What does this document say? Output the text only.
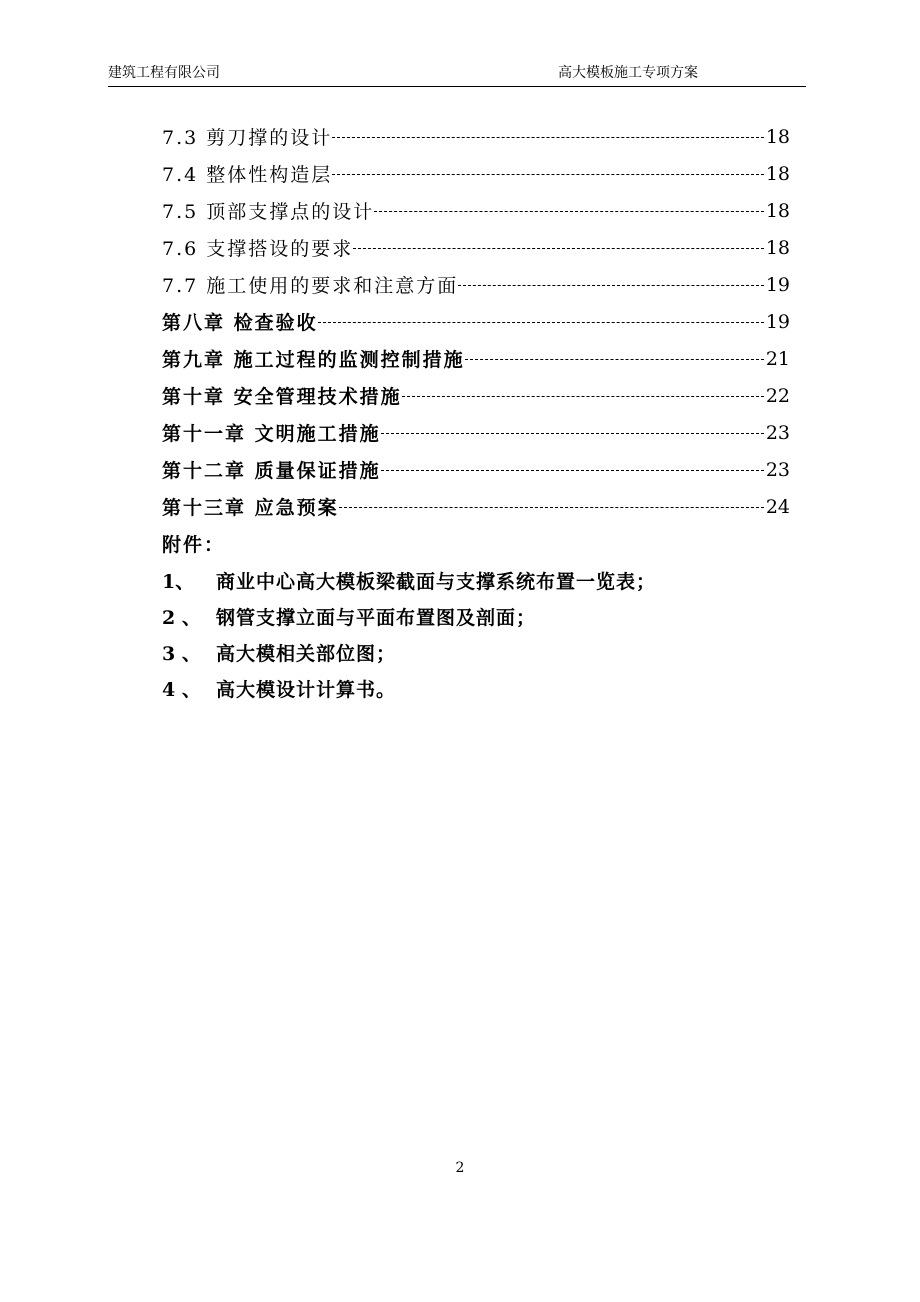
建筑工程有限公司	高大模板施工专项方案
7.3 剪刀撑的设计	18
7.4 整体性构造层	18
7.5 顶部支撑点的设计	18
7.6 支撑搭设的要求	18
7.7 施工使用的要求和注意方面	19
第八章 检查验收	19
第九章 施工过程的监测控制措施	21
第十章 安全管理技术措施	22
第十一章 文明施工措施	23
第十二章 质量保证措施	23
第十三章 应急预案	24
附件：
1、	商业中心高大模板梁截面与支撑系统布置一览表；
2 、 钢管支撑立面与平面布置图及剖面；
3 、 高大模相关部位图；
4 、 高大模设计计算书。
2
